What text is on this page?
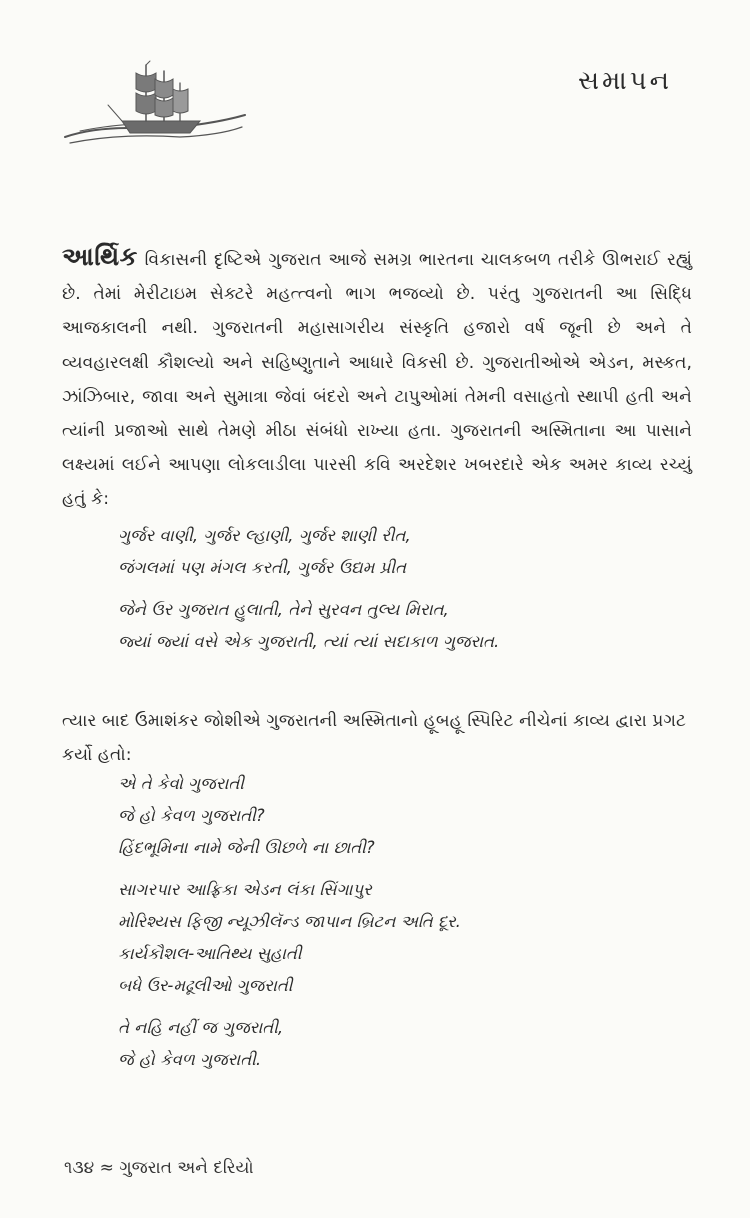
સમાપન

આર્થિક વિકાસની દૃષ્ટિએ ગુજરાત આજે સમગ્ર ભારતના ચાલકબળ તરીકે ઊભરાઈ રહ્યું છે. તેમાં મેરીટાઇમ સેક્ટરે મહત્ત્વનો ભાગ ભજવ્યો છે. પરંતુ ગુજરાતની આ સિદ્ધિ આજકાલની નથી. ગુજરાતની મહાસાગરીય સંસ્કૃતિ હજારો વર્ષ જૂની છે અને તે વ્યવહારલક્ષી કૌશલ્યો અને સહિષ્ણુતાને આધારે વિકસી છે. ગુજરાતીઓએ એડન, મસ્કત, ઝાંઝિબાર, જાવા અને સુમાત્રા જેવાં બંદરો અને ટાપુઓમાં તેમની વસાહતો સ્થાપી હતી અને ત્યાંની પ્રજાઓ સાથે તેમણે મીઠા સંબંધો રાખ્યા હતા. ગુજરાતની અસ્મિતાના આ પાસાને લક્ષ્યમાં લઈને આપણા લોકલાડીલા પારસી કવિ અરદેશર ખબરદારે એક અમર કાવ્ય રચ્યું હતું કે:

ગુર્જર વાણી, ગુર્જર લ્હાણી, ગુર્જર શાણી રીત,
જંગલમાં પણ મંગલ કરતી, ગુર્જર ઉદ્યમ પ્રીત
જેને ઉર ગુજરાત હુલાતી, તેને સુરવન તુલ્ય મિરાત,
જ્યાં જ્યાં વસે એક ગુજરાતી, ત્યાં ત્યાં સદાકાળ ગુજરાત.

ત્યાર બાદ ઉમાશંકર જોશીએ ગુજરાતની અસ્મિતાનો હૂબહૂ સ્પિરિટ નીચેનાં કાવ્ય દ્વારા પ્રગટ કર્યો હતો:

એ તે કેવો ગુજરાતી
જે હો કેવળ ગુજરાતી?
હિંદભૂમિના નામે જેની ઊછળે ના છાતી?
સાગરપાર આફ્રિકા એડન લંકા સિંગાપુર
મોરિશ્યસ ફિજી ન્યૂઝીલૅન્ડ જાપાન બ્રિટન અતિ દૂર.
કાર્યકૌશલ-આતિથ્ય સુહાતી
બધે ઉર-મઢૂલીઓ ગુજરાતી
તે નહિ નહીં જ ગુજરાતી,
જે હો કેવળ ગુજરાતી.
૧૩૪ ≈ ગુજરાત અને દરિયો
